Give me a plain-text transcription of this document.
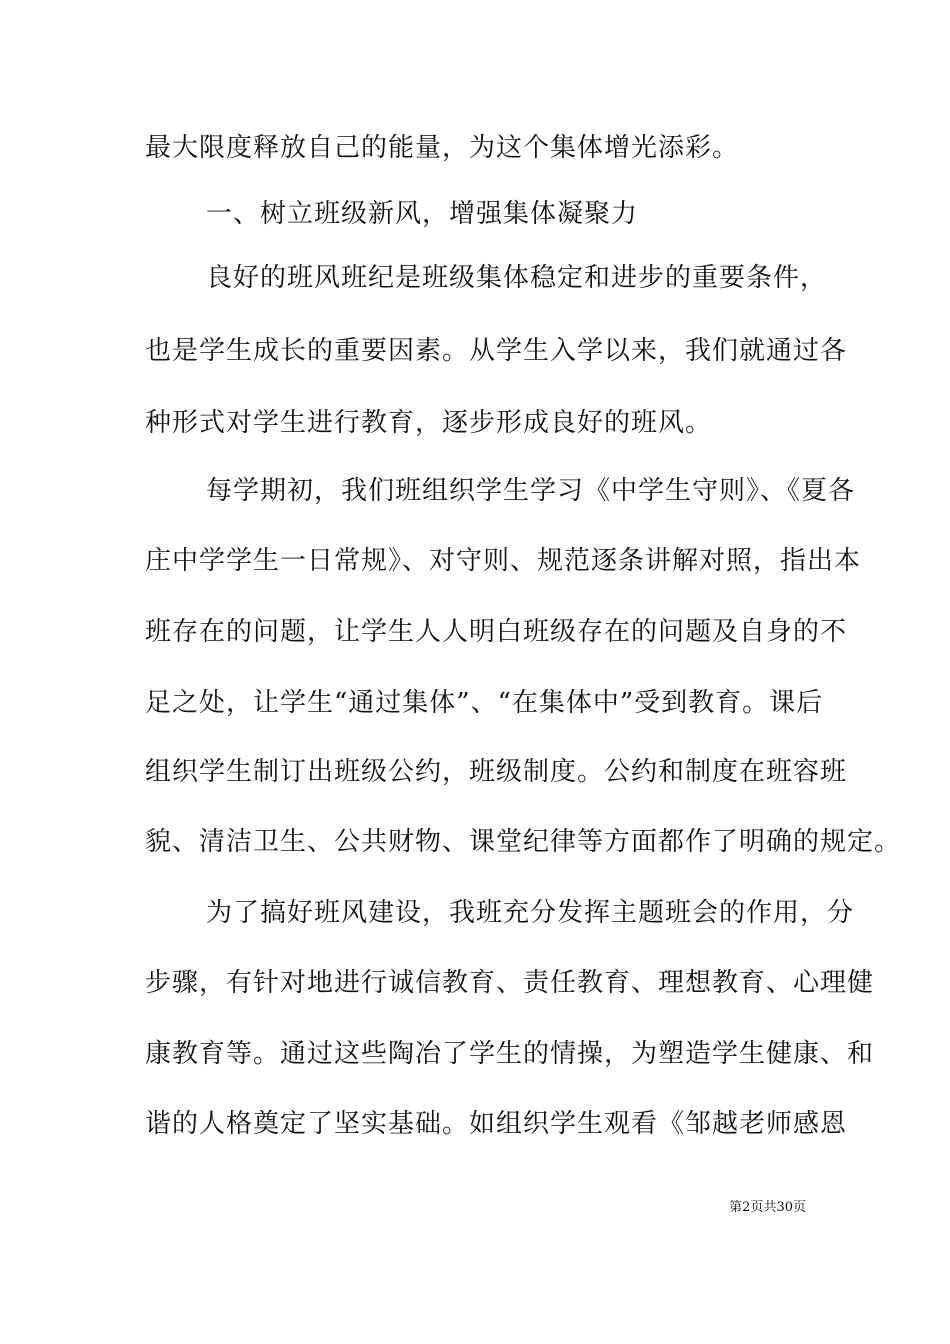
最大限度释放自己的能量，为这个集体增光添彩。
一、树立班级新风，增强集体凝聚力
良好的班风班纪是班级集体稳定和进步的重要条件，
也是学生成长的重要因素。从学生入学以来，我们就通过各
种形式对学生进行教育，逐步形成良好的班风。
每学期初，我们班组织学生学习《中学生守则》、《夏各
庄中学学生一日常规》、对守则、规范逐条讲解对照，指出本
班存在的问题，让学生人人明白班级存在的问题及自身的不
足之处，让学生“通过集体”、“在集体中”受到教育。课后
组织学生制订出班级公约，班级制度。公约和制度在班容班
貌、清洁卫生、公共财物、课堂纪律等方面都作了明确的规定。
为了搞好班风建设，我班充分发挥主题班会的作用，分
步骤，有针对地进行诚信教育、责任教育、理想教育、心理健
康教育等。通过这些陶冶了学生的情操，为塑造学生健康、和
谐的人格奠定了坚实基础。如组织学生观看《邹越老师感恩
第2页共30页
